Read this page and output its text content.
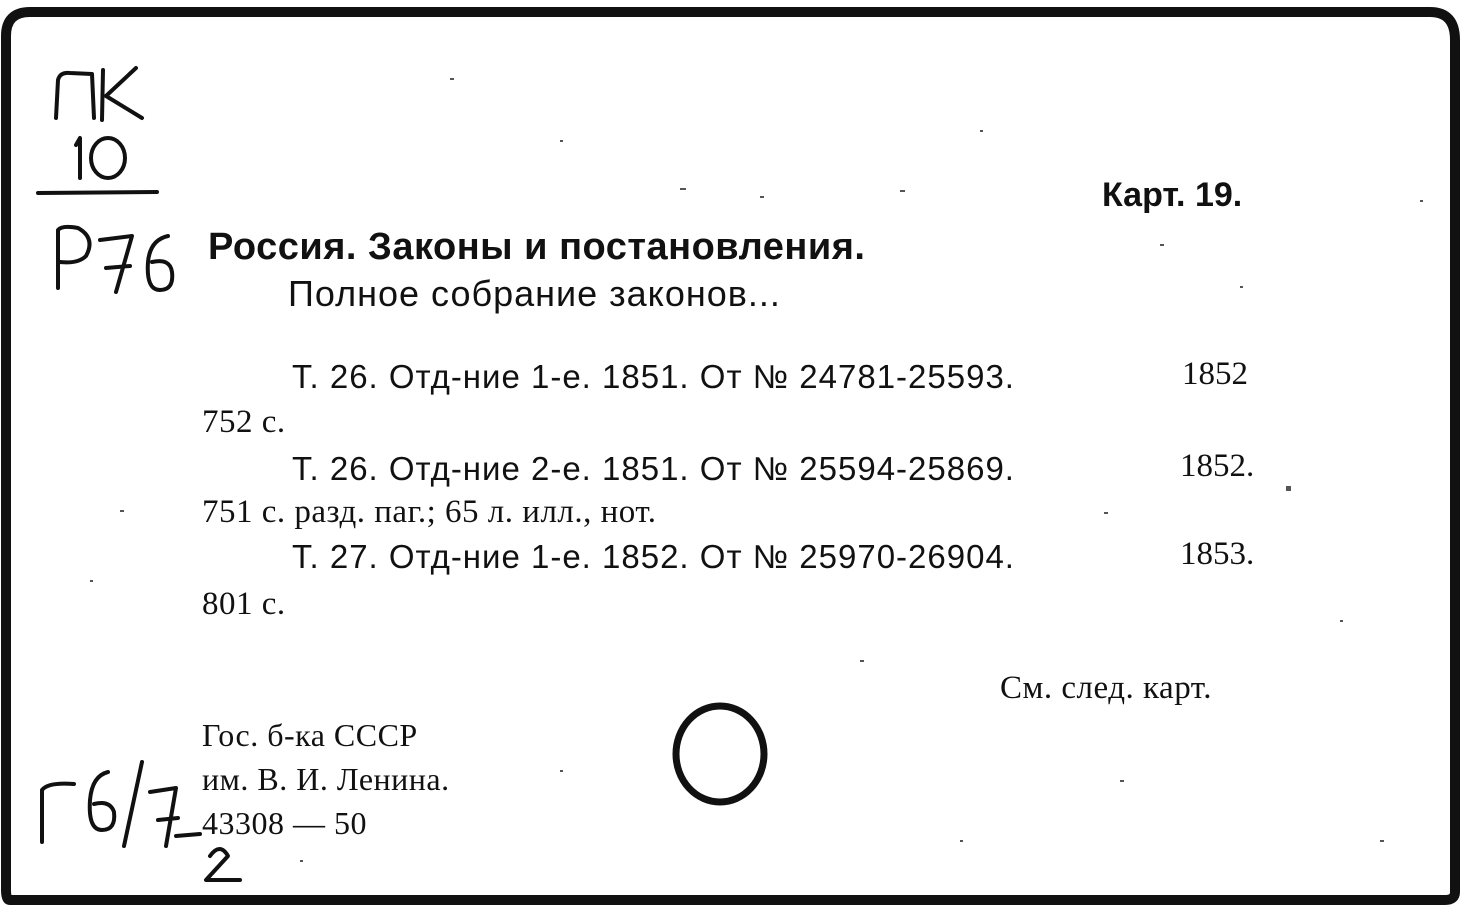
Карт. 19.
Россия. Законы и постановления.
Полное собрание законов...
Т. 26. Отд-ние 1-е. 1851. От № 24781-25593.	1852
752 с.
Т. 26. Отд-ние 2-е. 1851. От № 25594-25869.	1852.
751 с. разд. паг.; 65 л. илл., нот.
Т. 27. Отд-ние 1-е. 1852. От № 25970-26904.	1853.
801 с.
См. след. карт.
Гос. б-ка СССР
им. В. И. Ленина.
43308 — 50
